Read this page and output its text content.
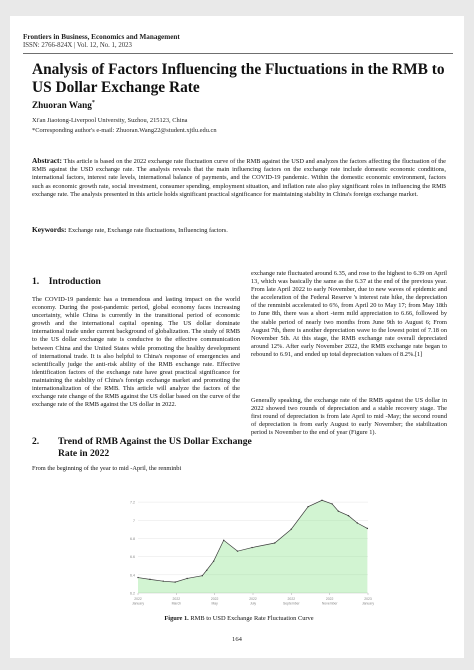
Frontiers in Business, Economics and Management
ISSN: 2766-824X | Vol. 12, No. 1, 2023
Analysis of Factors Influencing the Fluctuations in the RMB to US Dollar Exchange Rate
Zhuoran Wang*
Xi'an Jiaotong-Liverpool University, Suzhou, 215123, China
*Corresponding author's e-mail: Zhuoran.Wang22@student.xjtlu.edu.cn

Abstract: This article is based on the 2022 exchange rate fluctuation curve of the RMB against the USD and analyzes the factors affecting the fluctuation of the RMB against the USD exchange rate. The analysis reveals that the main influencing factors on the exchange rate include domestic economic conditions, international factors, interest rate levels, international balance of payments, and the COVID-19 pandemic. Within the domestic economic environment, factors such as economic growth rate, social investment, consumer spending, employment situation, and inflation rate also play significant roles in influencing the RMB exchange rate. The analysis presented in this article holds significant practical significance for maintaining stability in China's foreign exchange market.

Keywords: Exchange rate, Exchange rate fluctuations, Influencing factors.

1. Introduction

The COVID-19 pandemic has a tremendous and lasting impact on the world economy. During the post-pandemic period, global economy faces increasing uncertainty, while China is currently in the transitional period of economic growth and the international capital opening. The US dollar dominate international trade under current background of globalization. The study of RMB to the US dollar exchange rate is conducive to the effective communication between China and the United States while promoting the healthy development of international trade. It is also helpful to China's response of emergencies and scientifically judge the anti-risk ability of the RMB exchange rate. Effective identification factors of the exchange rate have great practical significance for maintaining the stability of China's foreign exchange market and promoting the internationalization of the RMB. This article will analyze the factors of the exchange rate change of the RMB against the US dollar based on the curve of the exchange rate of the RMB against the US dollar in 2022.

2. Trend of RMB Against the US Dollar Exchange Rate in 2022

From the beginning of the year to mid -April, the renminbi

exchange rate fluctuated around 6.35, and rose to the highest to 6.39 on April 13, which was basically the same as the 6.37 at the end of the previous year. From late April 2022 to early November, due to new waves of epidemic and the acceleration of the Federal Reserve 's interest rate hike, the depreciation of the renminbi accelerated to 6%, from April 20 to May 17; from May 18th to June 8th, there was a short -term mild appreciation to 6.66, followed by the stable period of nearly two months from June 9th to August 6; From August 7th, there is another depreciation wave to the lowest point of 7.18 on November 5th. At this stage, the RMB exchange rate overall depreciated around 12%. After early November 2022, the RMB exchange rate began to rebound to 6.91, and ended up total depreciation values of 8.2%.[1]

Generally speaking, the exchange rate of the RMB against the US dollar in 2022 showed two rounds of depreciation and a stable recovery stage. The first round of depreciation is from late April to mid -May; the second round of depreciation is from early August to early November; the stabilization period is November to the end of year (Figure 1).

6.2
6.4
6.6
6.8
7
7.2
2022
January
2022
March
2022
May
2022
July
2022
September
2022
November
2023
January

Figure 1. RMB to USD Exchange Rate Fluctuation Curve

164
